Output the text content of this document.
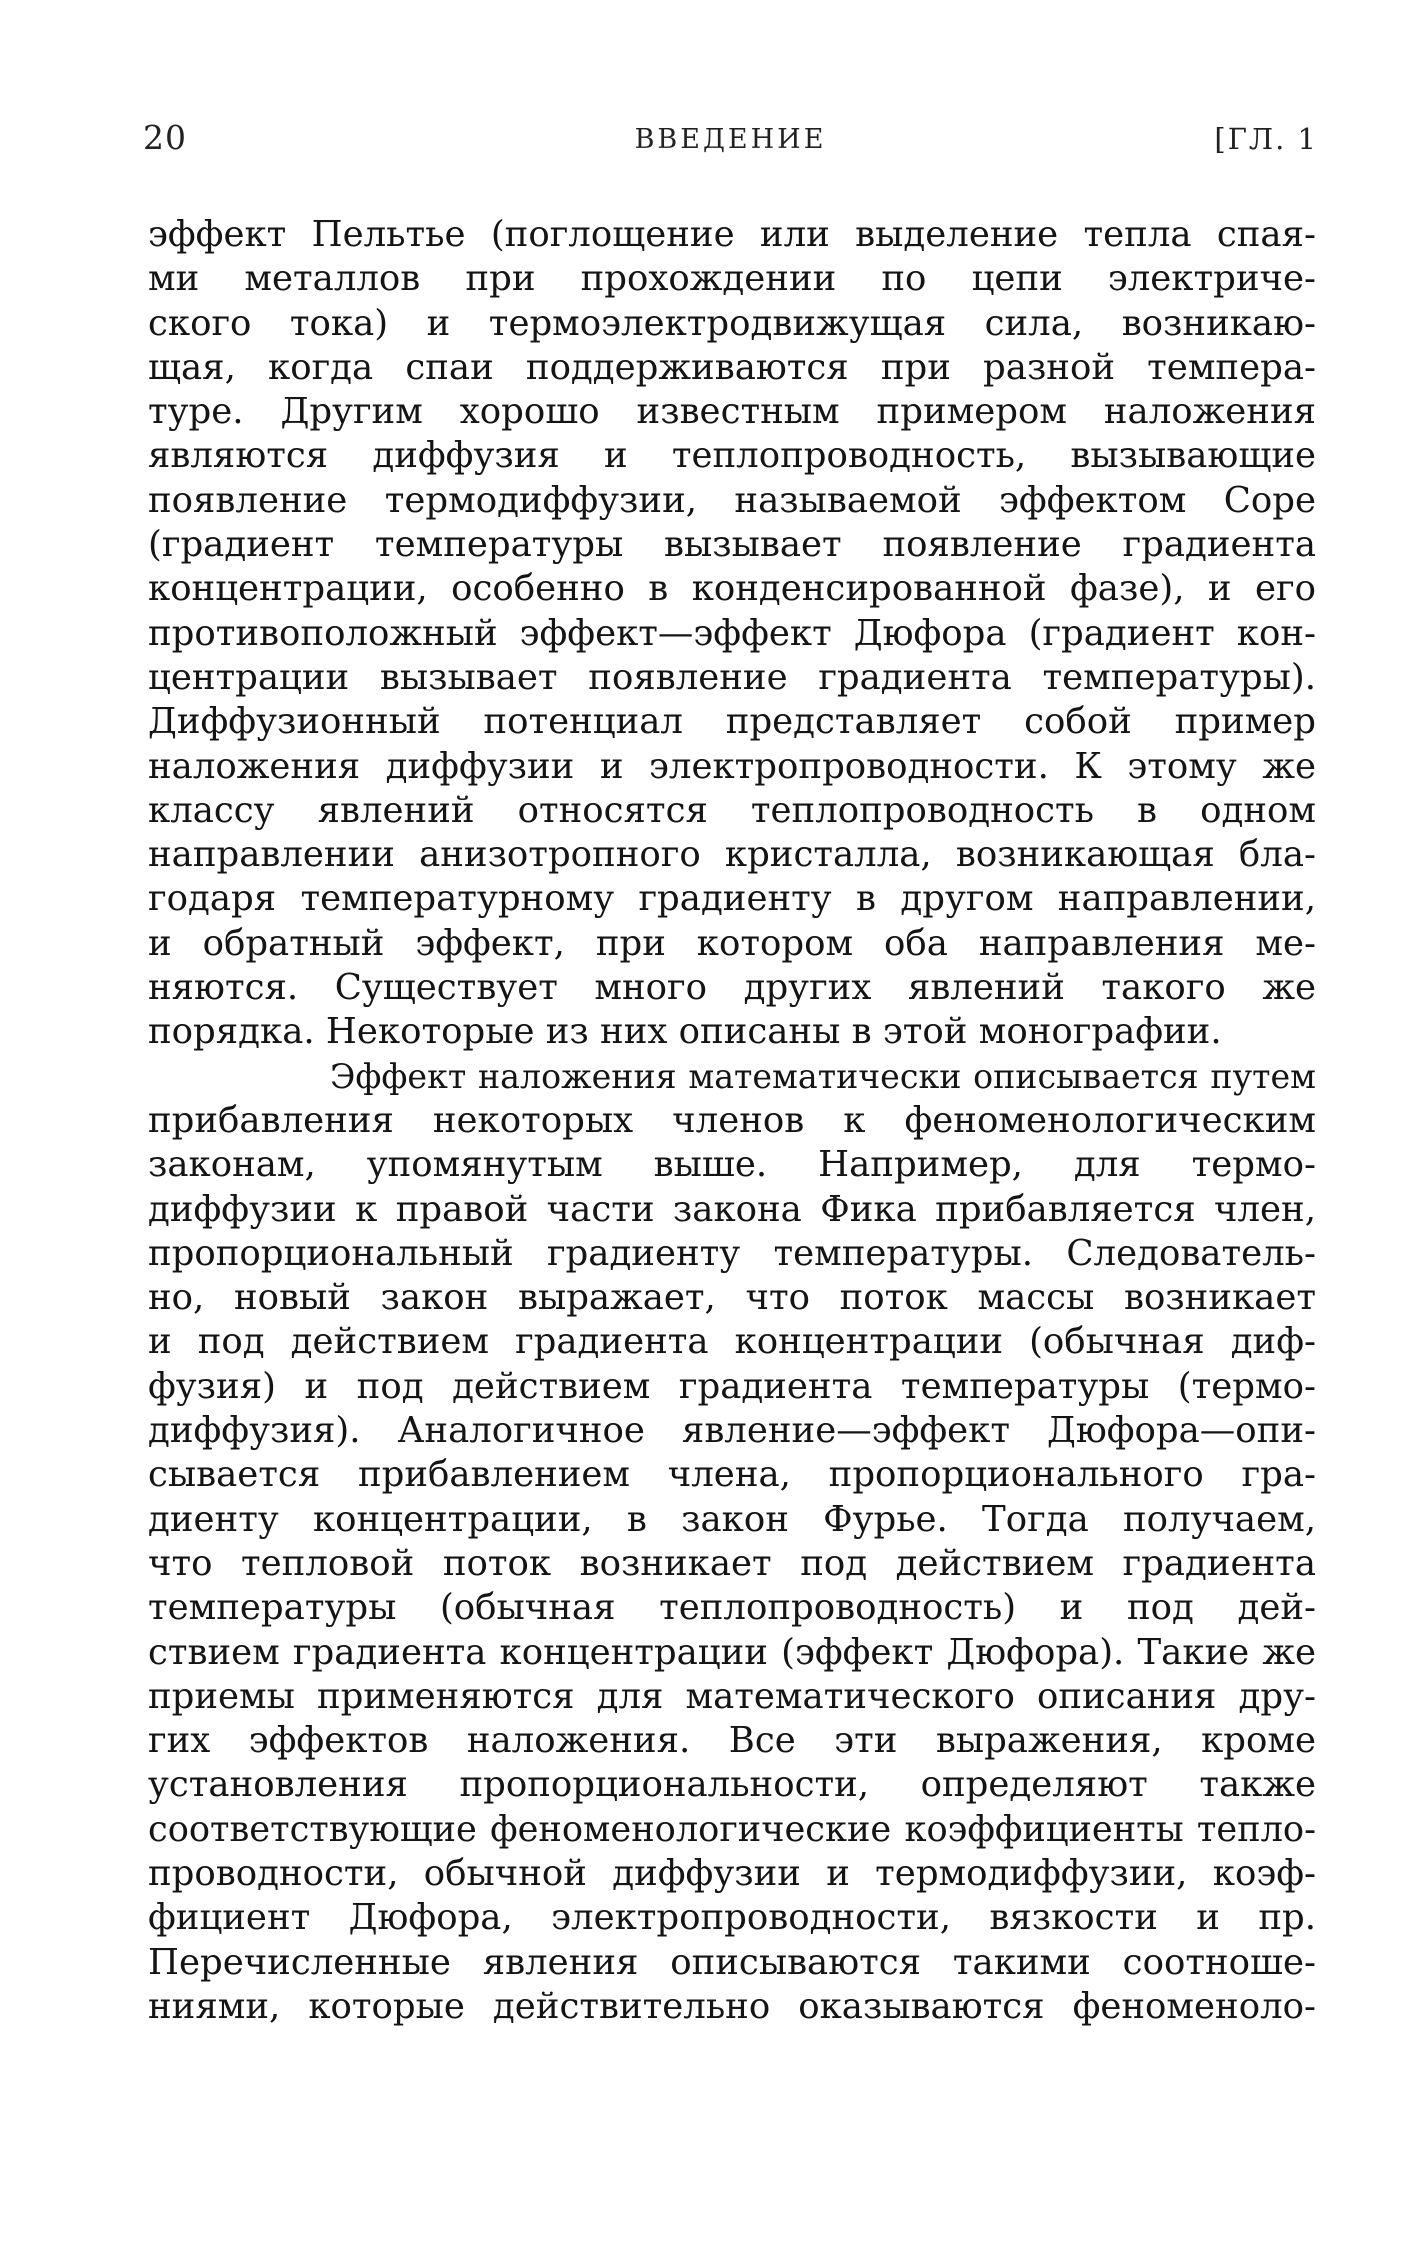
20	ВВЕДЕНИЕ	[ГЛ. 1
эффект Пельтье (поглощение или выделение тепла спая-
ми металлов при прохождении по цепи электриче-
ского тока) и термоэлектродвижущая сила, возникаю-
щая, когда спаи поддерживаются при разной темпера-
туре. Другим хорошо известным примером наложения
являются диффузия и теплопроводность, вызывающие
появление термодиффузии, называемой эффектом Соре
(градиент температуры вызывает появление градиента
концентрации, особенно в конденсированной фазе), и его
противоположный эффект—эффект Дюфора (градиент кон-
центрации вызывает появление градиента температуры).
Диффузионный потенциал представляет собой пример
наложения диффузии и электропроводности. К этому же
классу явлений относятся теплопроводность в одном
направлении анизотропного кристалла, возникающая бла-
годаря температурному градиенту в другом направлении,
и обратный эффект, при котором оба направления ме-
няются. Существует много других явлений такого же
порядка. Некоторые из них описаны в этой монографии.
Эффект наложения математически описывается путем
прибавления некоторых членов к феноменологическим
законам, упомянутым выше. Например, для термо-
диффузии к правой части закона Фика прибавляется член,
пропорциональный градиенту температуры. Следователь-
но, новый закон выражает, что поток массы возникает
и под действием градиента концентрации (обычная диф-
фузия) и под действием градиента температуры (термо-
диффузия). Аналогичное явление—эффект Дюфора—опи-
сывается прибавлением члена, пропорционального гра-
диенту концентрации, в закон Фурье. Тогда получаем,
что тепловой поток возникает под действием градиента
температуры (обычная теплопроводность) и под дей-
ствием градиента концентрации (эффект Дюфора). Такие же
приемы применяются для математического описания дру-
гих эффектов наложения. Все эти выражения, кроме
установления пропорциональности, определяют также
соответствующие феноменологические коэффициенты тепло-
проводности, обычной диффузии и термодиффузии, коэф-
фициент Дюфора, электропроводности, вязкости и пр.
Перечисленные явления описываются такими соотноше-
ниями, которые действительно оказываются феноменоло-
